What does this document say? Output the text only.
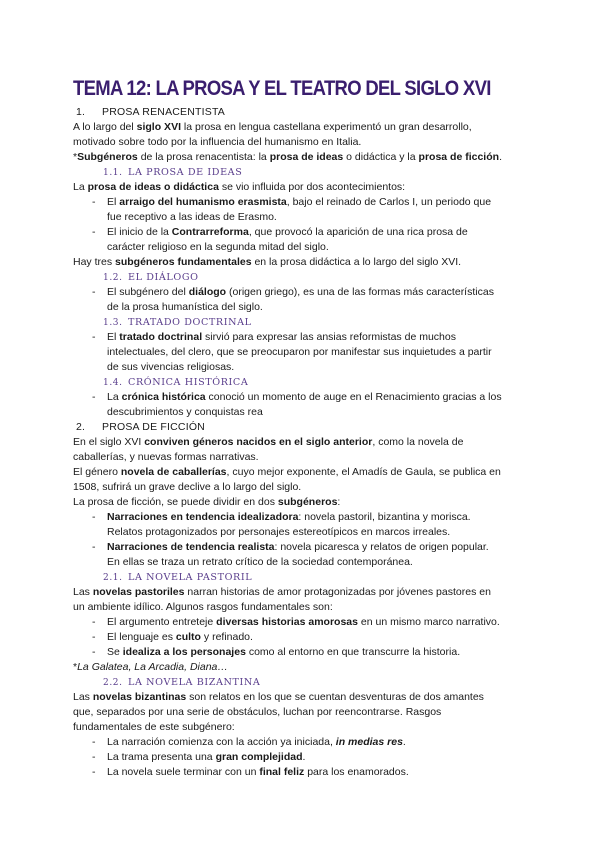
TEMA 12: LA PROSA Y EL TEATRO DEL SIGLO XVI
1. PROSA RENACENTISTA
A lo largo del siglo XVI la prosa en lengua castellana experimentó un gran desarrollo,
motivado sobre todo por la influencia del humanismo en Italia.
*Subgéneros de la prosa renacentista: la prosa de ideas o didáctica y la prosa de ficción.
1.1. LA PROSA DE IDEAS
La prosa de ideas o didáctica se vio influida por dos acontecimientos:
- El arraigo del humanismo erasmista, bajo el reinado de Carlos I, un periodo que
fue receptivo a las ideas de Erasmo.
- El inicio de la Contrarreforma, que provocó la aparición de una rica prosa de
carácter religioso en la segunda mitad del siglo.
Hay tres subgéneros fundamentales en la prosa didáctica a lo largo del siglo XVI.
1.2. EL DIÁLOGO
- El subgénero del diálogo (origen griego), es una de las formas más características
de la prosa humanística del siglo.
1.3. TRATADO DOCTRINAL
- El tratado doctrinal sirvió para expresar las ansias reformistas de muchos
intelectuales, del clero, que se preocuparon por manifestar sus inquietudes a partir
de sus vivencias religiosas.
1.4. CRÓNICA HISTÓRICA
- La crónica histórica conoció un momento de auge en el Renacimiento gracias a los
descubrimientos y conquistas rea
2. PROSA DE FICCIÓN
En el siglo XVI conviven géneros nacidos en el siglo anterior, como la novela de
caballerías, y nuevas formas narrativas.
El género novela de caballerías, cuyo mejor exponente, el Amadís de Gaula, se publica en
1508, sufrirá un grave declive a lo largo del siglo.
La prosa de ficción, se puede dividir en dos subgéneros:
- Narraciones en tendencia idealizadora: novela pastoril, bizantina y morisca.
Relatos protagonizados por personajes estereotípicos en marcos irreales.
- Narraciones de tendencia realista: novela picaresca y relatos de origen popular.
En ellas se traza un retrato crítico de la sociedad contemporánea.
2.1. LA NOVELA PASTORIL
Las novelas pastoriles narran historias de amor protagonizadas por jóvenes pastores en
un ambiente idílico. Algunos rasgos fundamentales son:
- El argumento entreteje diversas historias amorosas en un mismo marco narrativo.
- El lenguaje es culto y refinado.
- Se idealiza a los personajes como al entorno en que transcurre la historia.
*La Galatea, La Arcadia, Diana…
2.2. LA NOVELA BIZANTINA
Las novelas bizantinas son relatos en los que se cuentan desventuras de dos amantes
que, separados por una serie de obstáculos, luchan por reencontrarse. Rasgos
fundamentales de este subgénero:
- La narración comienza con la acción ya iniciada, in medias res.
- La trama presenta una gran complejidad.
- La novela suele terminar con un final feliz para los enamorados.
